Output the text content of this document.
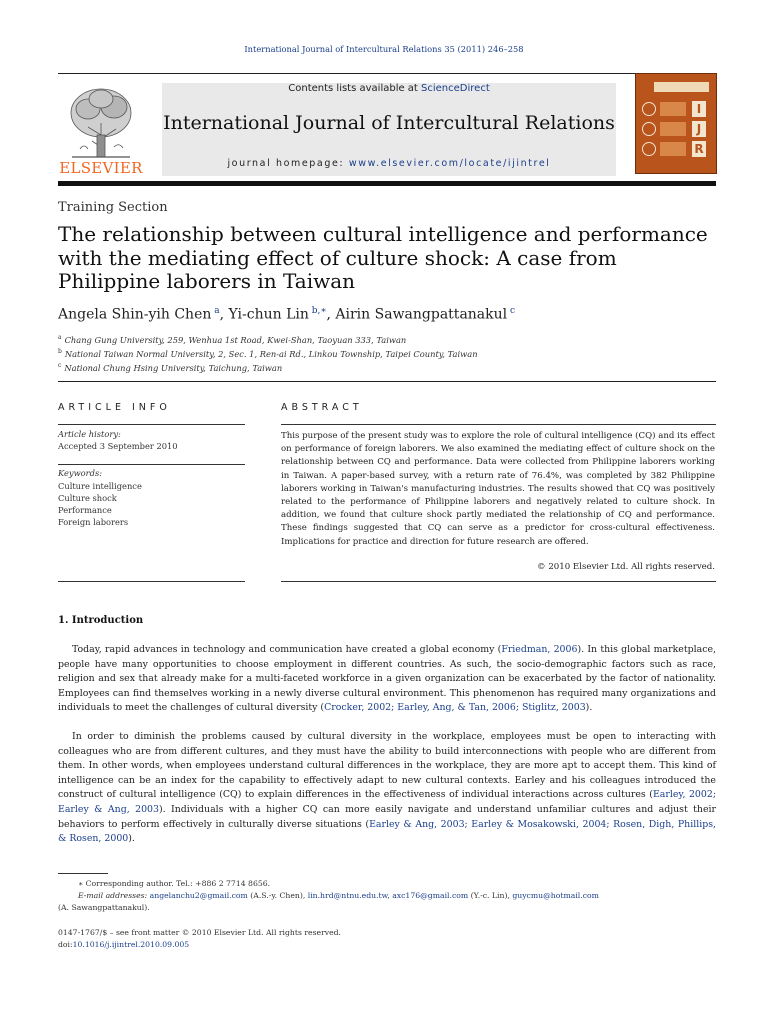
International Journal of Intercultural Relations 35 (2011) 246–258
ELSEVIER
Contents lists available at ScienceDirect
International Journal of Intercultural Relations
journal homepage: www.elsevier.com/locate/ijintrel
I
J
R
Training Section
The relationship between cultural intelligence and performance with the mediating effect of culture shock: A case from Philippine laborers in Taiwan
Angela Shin-yih Chen $^a$, Yi-chun Lin $^{b,∗}$, Airin Sawangpattanakul $^c$
$^a$ Chang Gung University, 259, Wenhua 1st Road, Kwei-Shan, Taoyuan 333, Taiwan
$^b$ National Taiwan Normal University, 2, Sec. 1, Ren-ai Rd., Linkou Township, Taipei County, Taiwan
$^c$ National Chung Hsing University, Taichung, Taiwan
ARTICLE INFO
Article history:
Accepted 3 September 2010
Keywords:
Culture intelligence
Culture shock
Performance
Foreign laborers
ABSTRACT
This purpose of the present study was to explore the role of cultural intelligence (CQ) and its effect on performance of foreign laborers. We also examined the mediating effect of culture shock on the relationship between CQ and performance. Data were collected from Philippine laborers working in Taiwan. A paper-based survey, with a return rate of 76.4%, was completed by 382 Philippine laborers working in Taiwan's manufacturing industries. The results showed that CQ was positively related to the performance of Philippine laborers and negatively related to culture shock. In addition, we found that culture shock partly mediated the relationship of CQ and performance. These findings suggested that CQ can serve as a predictor for cross-cultural effectiveness. Implications for practice and direction for future research are offered.
© 2010 Elsevier Ltd. All rights reserved.
1. Introduction
Today, rapid advances in technology and communication have created a global economy (Friedman, 2006). In this global marketplace, people have many opportunities to choose employment in different countries. As such, the socio-demographic factors such as race, religion and sex that already make for a multi-faceted workforce in a given organization can be exacerbated by the factor of nationality. Employees can find themselves working in a newly diverse cultural environment. This phenomenon has required many organizations and individuals to meet the challenges of cultural diversity (Crocker, 2002; Earley, Ang, & Tan, 2006; Stiglitz, 2003).
In order to diminish the problems caused by cultural diversity in the workplace, employees must be open to interacting with colleagues who are from different cultures, and they must have the ability to build interconnections with people who are different from them. In other words, when employees understand cultural differences in the workplace, they are more apt to accept them. This kind of intelligence can be an index for the capability to effectively adapt to new cultural contexts. Earley and his colleagues introduced the construct of cultural intelligence (CQ) to explain differences in the effectiveness of individual interactions across cultures (Earley, 2002; Earley & Ang, 2003). Individuals with a higher CQ can more easily navigate and understand unfamiliar cultures and adjust their behaviors to perform effectively in culturally diverse situations (Earley & Ang, 2003; Earley & Mosakowski, 2004; Rosen, Digh, Phillips, & Rosen, 2000).
∗ Corresponding author. Tel.: +886 2 7714 8656.
E-mail addresses: angelanchu2@gmail.com (A.S.-y. Chen), lin.hrd@ntnu.edu.tw, axc176@gmail.com (Y.-c. Lin), guycmu@hotmail.com
(A. Sawangpattanakul).
0147-1767/$ – see front matter © 2010 Elsevier Ltd. All rights reserved.
doi:10.1016/j.ijintrel.2010.09.005
